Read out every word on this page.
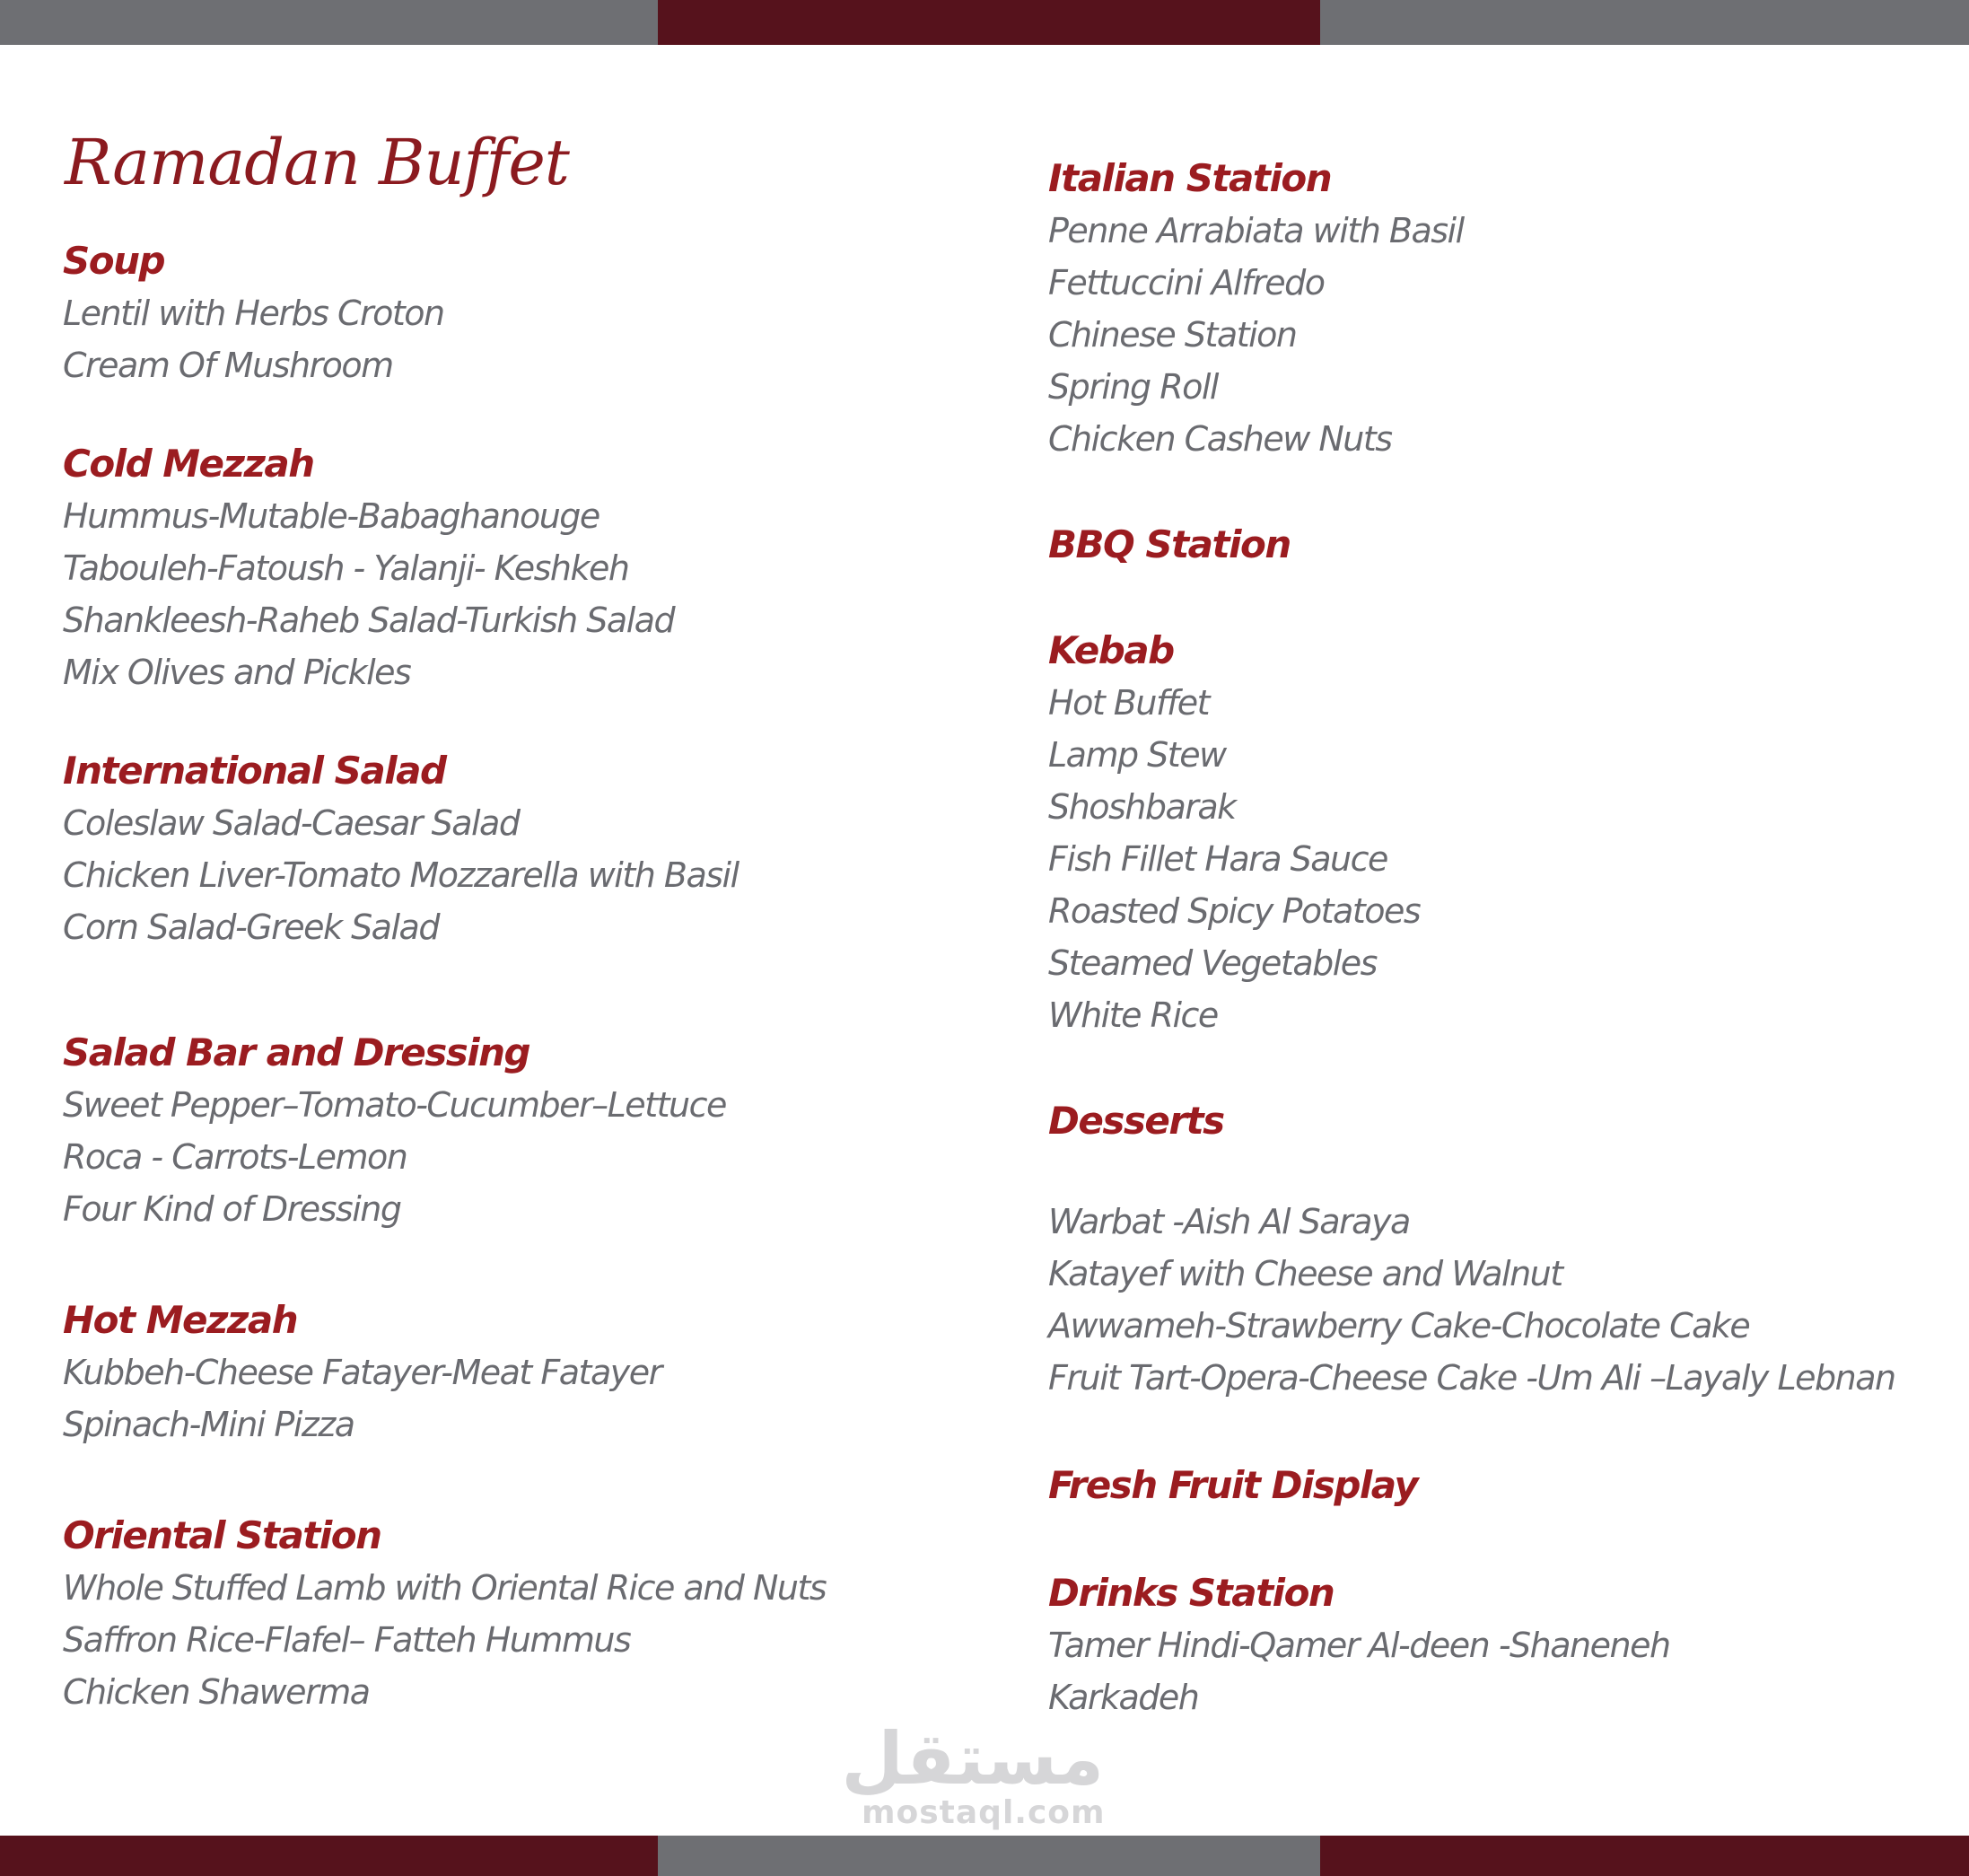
Ramadan Buffet
Soup
Lentil with Herbs Croton
Cream Of Mushroom
Cold Mezzah
Hummus-Mutable-Babaghanouge
Tabouleh-Fatoush - Yalanji- Keshkeh
Shankleesh-Raheb Salad-Turkish Salad
Mix Olives and Pickles
International Salad
Coleslaw Salad-Caesar Salad
Chicken Liver-Tomato Mozzarella with Basil
Corn Salad-Greek Salad
Salad Bar and Dressing
Sweet Pepper–Tomato-Cucumber–Lettuce
Roca - Carrots-Lemon
Four Kind of Dressing
Hot Mezzah
Kubbeh-Cheese Fatayer-Meat Fatayer
Spinach-Mini Pizza
Oriental Station
Whole Stuffed Lamb with Oriental Rice and Nuts
Saffron Rice-Flafel– Fatteh Hummus
Chicken Shawerma
Italian Station
Penne Arrabiata with Basil
Fettuccini Alfredo
Chinese Station
Spring Roll
Chicken Cashew Nuts
BBQ Station
Kebab
Hot Buffet
Lamp Stew
Shoshbarak
Fish Fillet Hara Sauce
Roasted Spicy Potatoes
Steamed Vegetables
White Rice
Desserts
Warbat -Aish Al Saraya
Katayef with Cheese and Walnut
Awwameh-Strawberry Cake-Chocolate Cake
Fruit Tart-Opera-Cheese Cake -Um Ali –Layaly Lebnan
Fresh Fruit Display
Drinks Station
Tamer Hindi-Qamer Al-deen -Shaneneh
Karkadeh
مستقل
mostaql.com
